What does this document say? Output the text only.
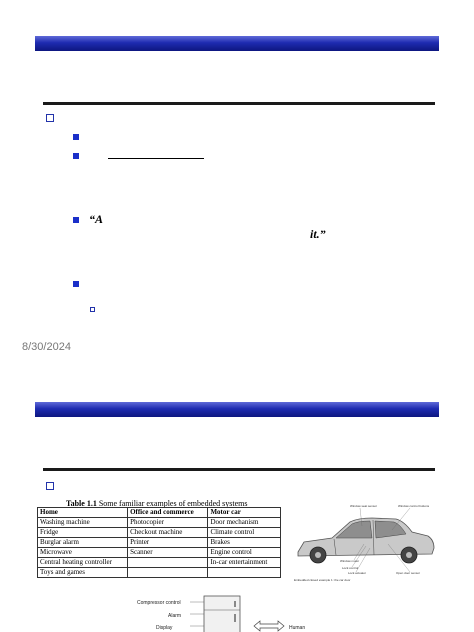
“A
it.”
8/30/2024
Table 1.1 Some familiar examples of embedded systems
Home	Office and commerce	Motor car
Washing machine	Photocopier	Door mechanism
Fridge	Checkout machine	Climate control
Burglar alarm	Printer	Brakes
Microwave	Scanner	Engine control
Central heating controller		In-car entertainment
Toys and games		
Window seat sensor	Window control buttons
Window motor
Lock control
Lock actuator	Open door sensor
Embedded closed example 1: the car door
Compressor control
Alarm
Display	Human
